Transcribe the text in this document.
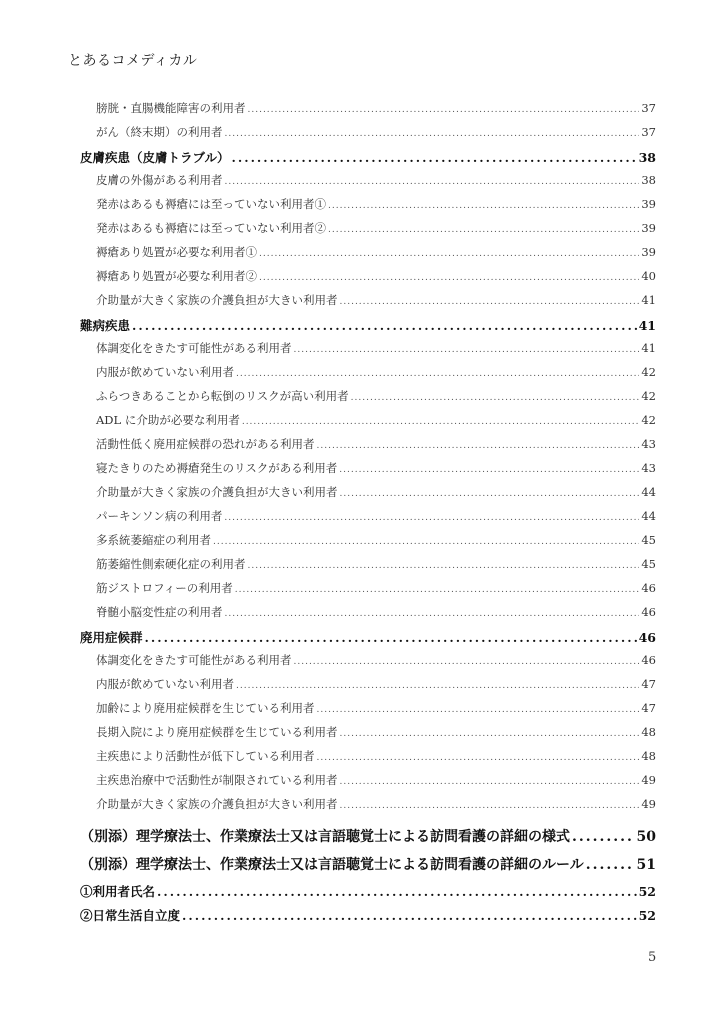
とあるコメディカル
膀胱・直腸機能障害の利用者 .....	37
がん（終末期）の利用者 .....	37
皮膚疾患（皮膚トラブル） .....	38
皮膚の外傷がある利用者 .....	38
発赤はあるも褥瘡には至っていない利用者① .....	39
発赤はあるも褥瘡には至っていない利用者② .....	39
褥瘡あり処置が必要な利用者① .....	39
褥瘡あり処置が必要な利用者② .....	40
介助量が大きく家族の介護負担が大きい利用者 .....	41
難病疾患 .....	41
体調変化をきたす可能性がある利用者 .....	41
内服が飲めていない利用者 .....	42
ふらつきあることから転倒のリスクが高い利用者 .....	42
ADL に介助が必要な利用者 .....	42
活動性低く廃用症候群の恐れがある利用者 .....	43
寝たきりのため褥瘡発生のリスクがある利用者 .....	43
介助量が大きく家族の介護負担が大きい利用者 .....	44
パーキンソン病の利用者 .....	44
多系統萎縮症の利用者 .....	45
筋萎縮性側索硬化症の利用者 .....	45
筋ジストロフィーの利用者 .....	46
脊髄小脳変性症の利用者 .....	46
廃用症候群 .....	46
体調変化をきたす可能性がある利用者 .....	46
内服が飲めていない利用者 .....	47
加齢により廃用症候群を生じている利用者 .....	47
長期入院により廃用症候群を生じている利用者 .....	48
主疾患により活動性が低下している利用者 .....	48
主疾患治療中で活動性が制限されている利用者 .....	49
介助量が大きく家族の介護負担が大きい利用者 .....	49
（別添）理学療法士、作業療法士又は言語聴覚士による訪問看護の詳細の様式 .....	50
（別添）理学療法士、作業療法士又は言語聴覚士による訪問看護の詳細のルール .....	51
①利用者氏名 .....	52
②日常生活自立度 .....	52
5
